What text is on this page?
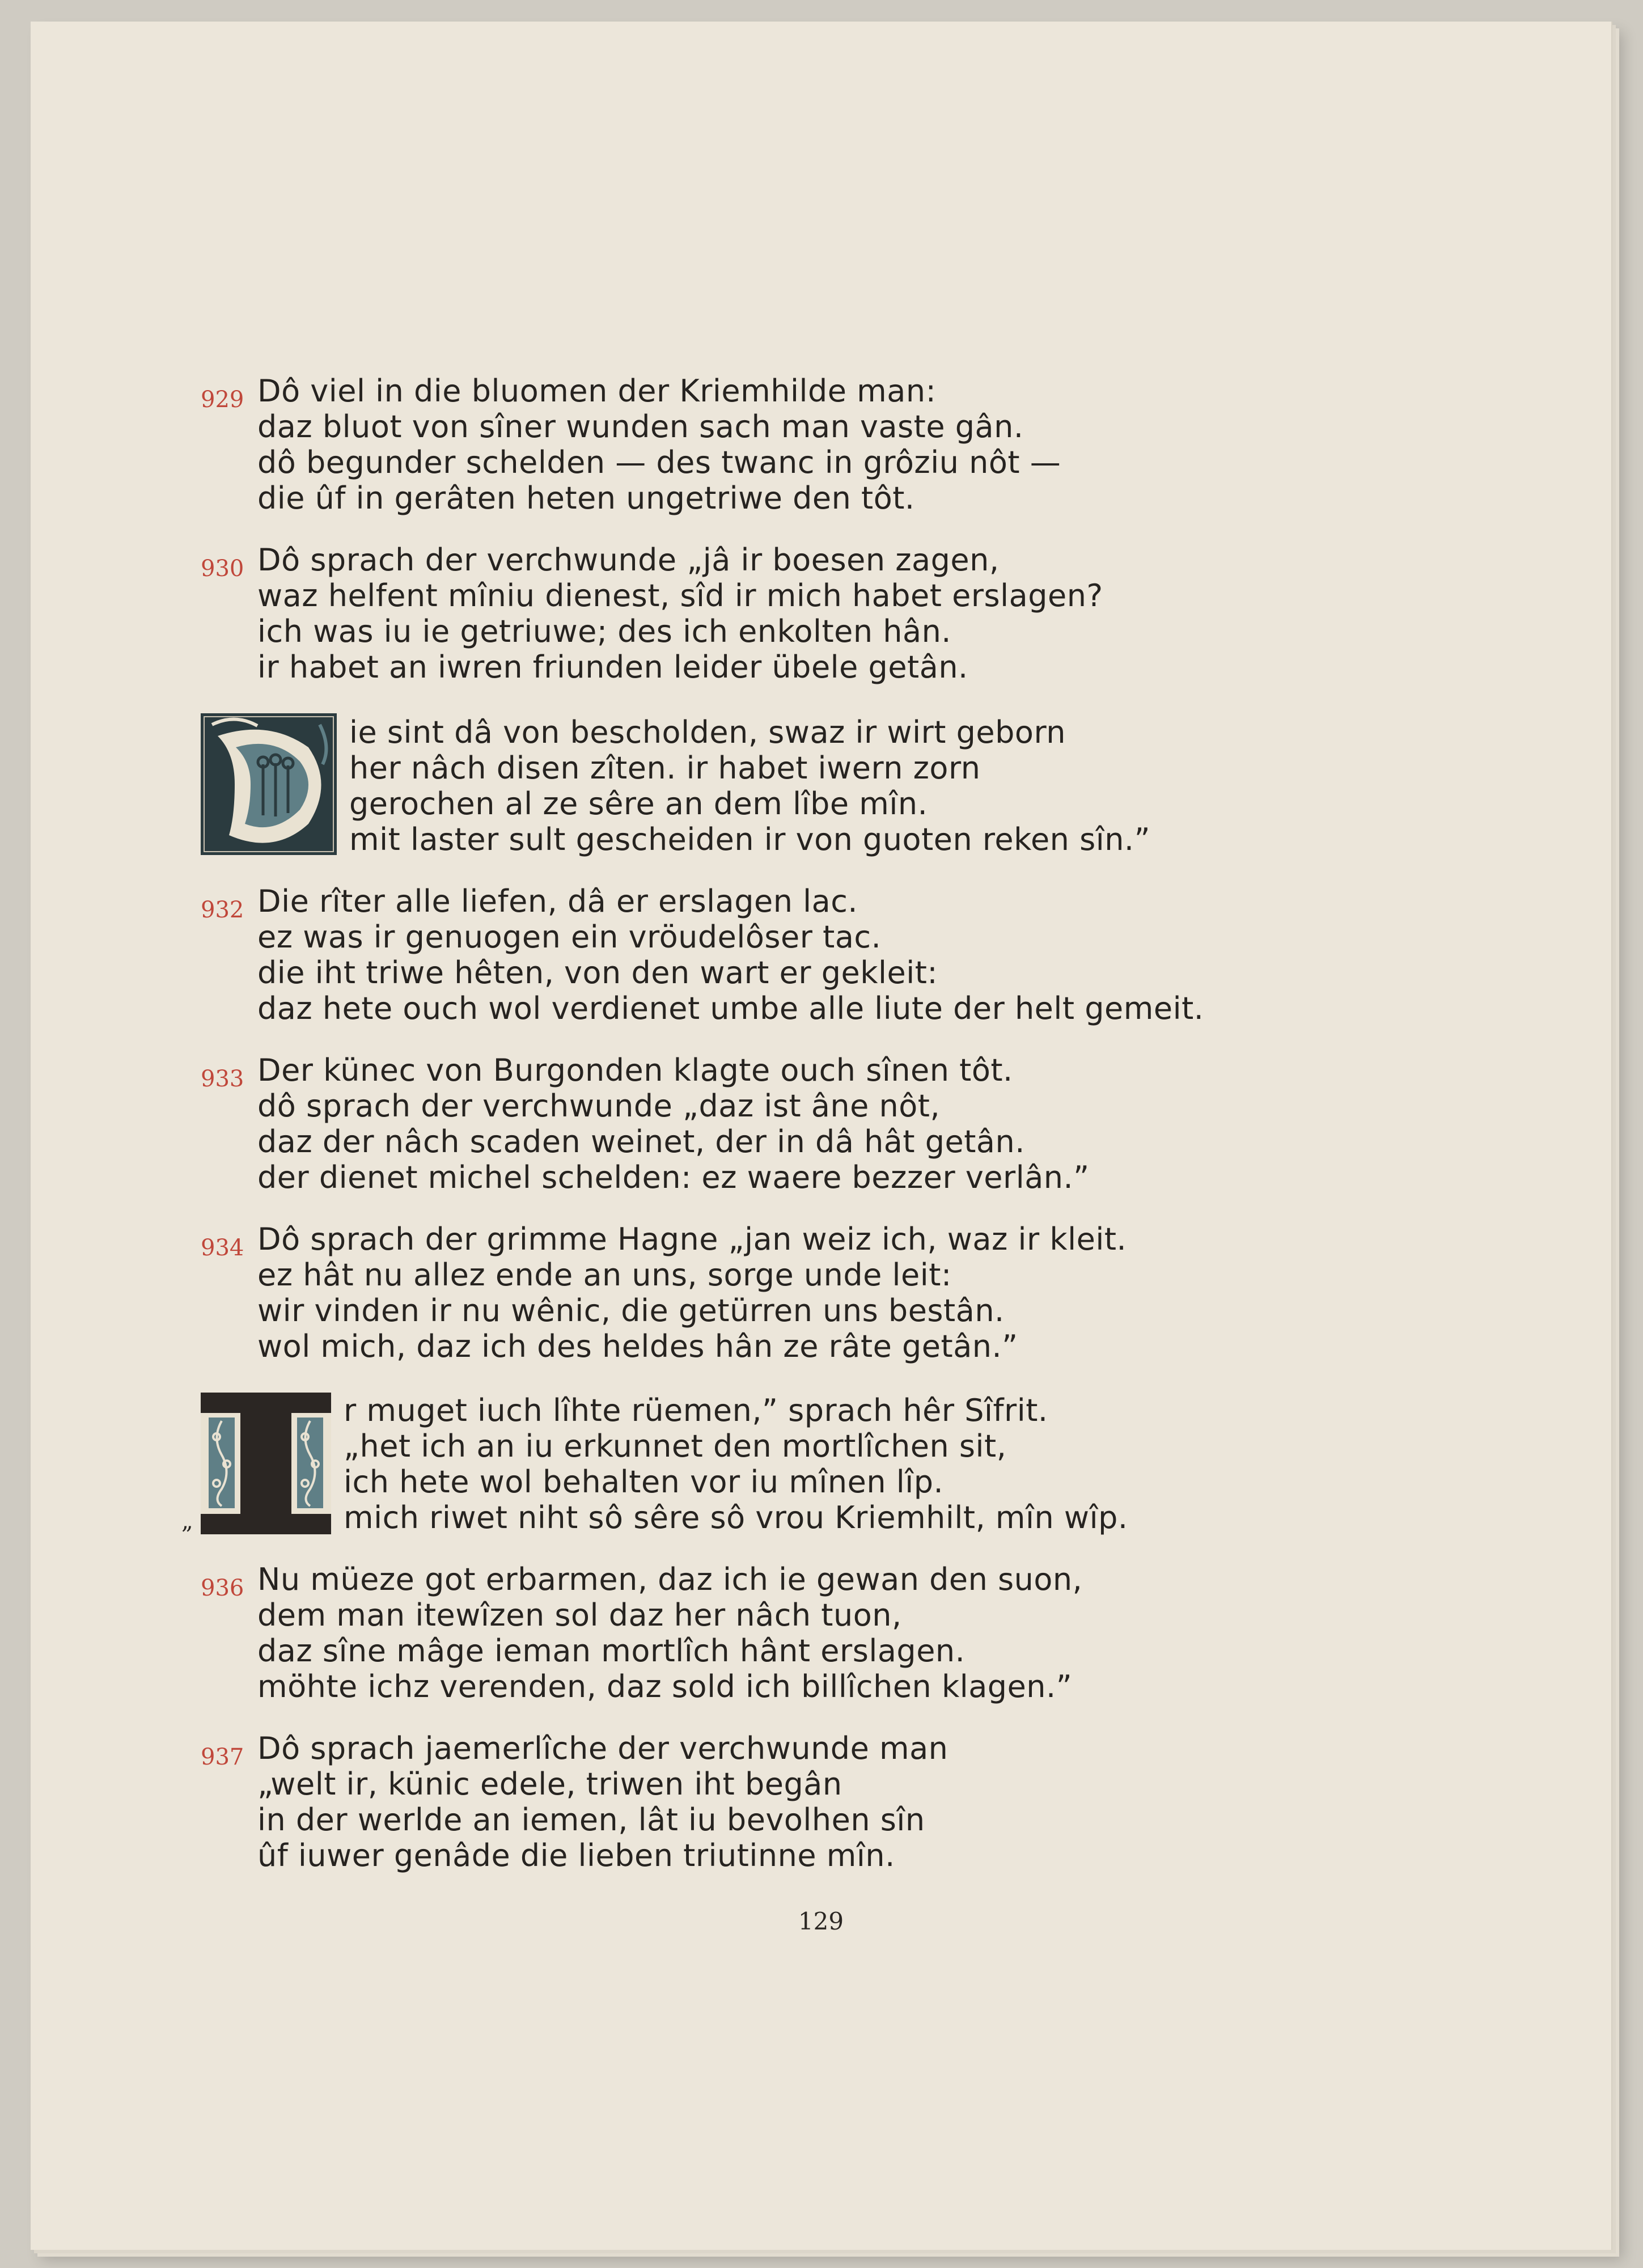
929 Dô viel in die bluomen der Kriemhilde man:
daz bluot von sîner wunden sach man vaste gân.
dô begunder schelden — des twanc in grôziu nôt —
die ûf in gerâten heten ungetriwe den tôt.
930 Dô sprach der verchwunde „jâ ir boesen zagen,
waz helfent mîniu dienest, sîd ir mich habet erslagen?
ich was iu ie getriuwe; des ich enkolten hân.
ir habet an iwren friunden leider übele getân.
ie sint dâ von bescholden, swaz ir wirt geborn
her nâch disen zîten. ir habet iwern zorn
gerochen al ze sêre an dem lîbe mîn.
mit laster sult gescheiden ir von guoten reken sîn.”
932 Die rîter alle liefen, dâ er erslagen lac.
ez was ir genuogen ein vröudelôser tac.
die iht triwe hêten, von den wart er gekleit:
daz hete ouch wol verdienet umbe alle liute der helt gemeit.
933 Der künec von Burgonden klagte ouch sînen tôt.
dô sprach der verchwunde „daz ist âne nôt,
daz der nâch scaden weinet, der in dâ hât getân.
der dienet michel schelden: ez waere bezzer verlân.”
934 Dô sprach der grimme Hagne „jan weiz ich, waz ir kleit.
ez hât nu allez ende an uns, sorge unde leit:
wir vinden ir nu wênic, die getürren uns bestân.
wol mich, daz ich des heldes hân ze râte getân.”
„
r muget iuch lîhte rüemen,” sprach hêr Sîfrit.
„het ich an iu erkunnet den mortlîchen sit,
ich hete wol behalten vor iu mînen lîp.
mich riwet niht sô sêre sô vrou Kriemhilt, mîn wîp.
936 Nu müeze got erbarmen, daz ich ie gewan den suon,
dem man itewîzen sol daz her nâch tuon,
daz sîne mâge ieman mortlîch hânt erslagen.
möhte ichz verenden, daz sold ich billîchen klagen.”
937 Dô sprach jaemerlîche der verchwunde man
„welt ir, künic edele, triwen iht begân
in der werlde an iemen, lât iu bevolhen sîn
ûf iuwer genâde die lieben triutinne mîn.
129
